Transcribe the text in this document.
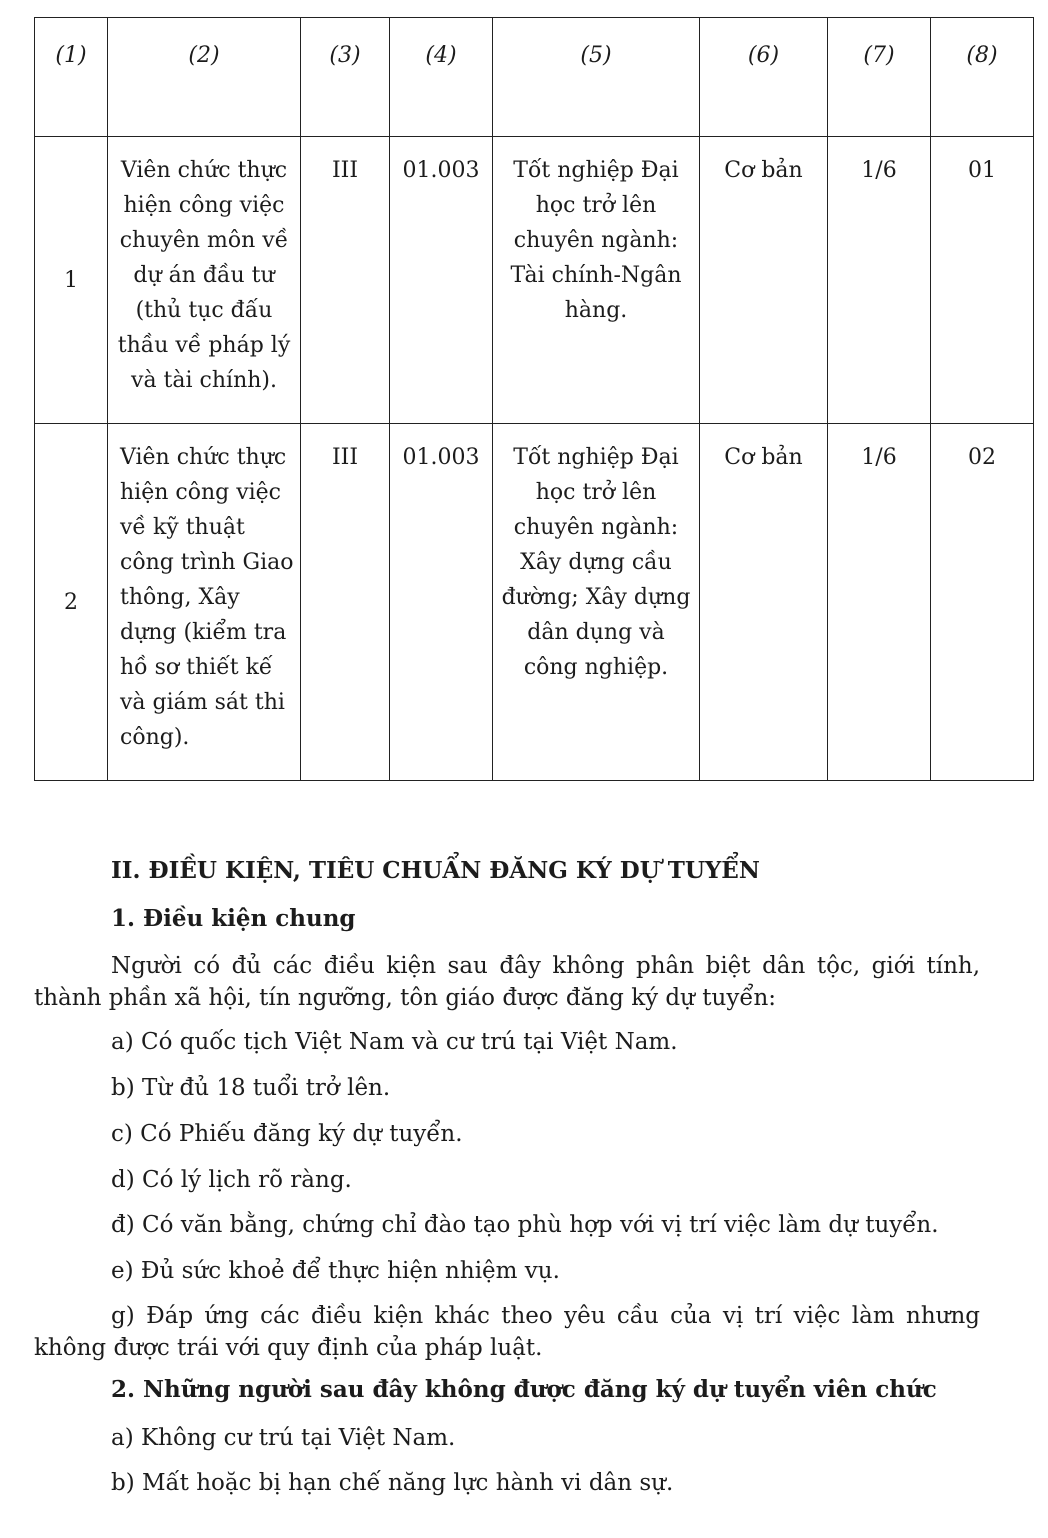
(1)	(2)	(3)	(4)	(5)	(6)	(7)	(8)
1	Viên chức thực hiện công việc chuyên môn về dự án đầu tư (thủ tục đấu thầu về pháp lý và tài chính).	III	01.003	Tốt nghiệp Đại học trở lên chuyên ngành: Tài chính-Ngân hàng.	Cơ bản	1/6	01
2	Viên chức thực hiện công việc về kỹ thuật công trình Giao thông, Xây dựng (kiểm tra hồ sơ thiết kế và giám sát thi công).	III	01.003	Tốt nghiệp Đại học trở lên chuyên ngành: Xây dựng cầu đường; Xây dựng dân dụng và công nghiệp.	Cơ bản	1/6	02
II. ĐIỀU KIỆN, TIÊU CHUẨN ĐĂNG KÝ DỰ TUYỂN
1. Điều kiện chung
Người có đủ các điều kiện sau đây không phân biệt dân tộc, giới tính, thành phần xã hội, tín ngưỡng, tôn giáo được đăng ký dự tuyển:
a) Có quốc tịch Việt Nam và cư trú tại Việt Nam.
b) Từ đủ 18 tuổi trở lên.
c) Có Phiếu đăng ký dự tuyển.
d) Có lý lịch rõ ràng.
đ) Có văn bằng, chứng chỉ đào tạo phù hợp với vị trí việc làm dự tuyển.
e) Đủ sức khoẻ để thực hiện nhiệm vụ.
g) Đáp ứng các điều kiện khác theo yêu cầu của vị trí việc làm nhưng không được trái với quy định của pháp luật.
2. Những người sau đây không được đăng ký dự tuyển viên chức
a) Không cư trú tại Việt Nam.
b) Mất hoặc bị hạn chế năng lực hành vi dân sự.
